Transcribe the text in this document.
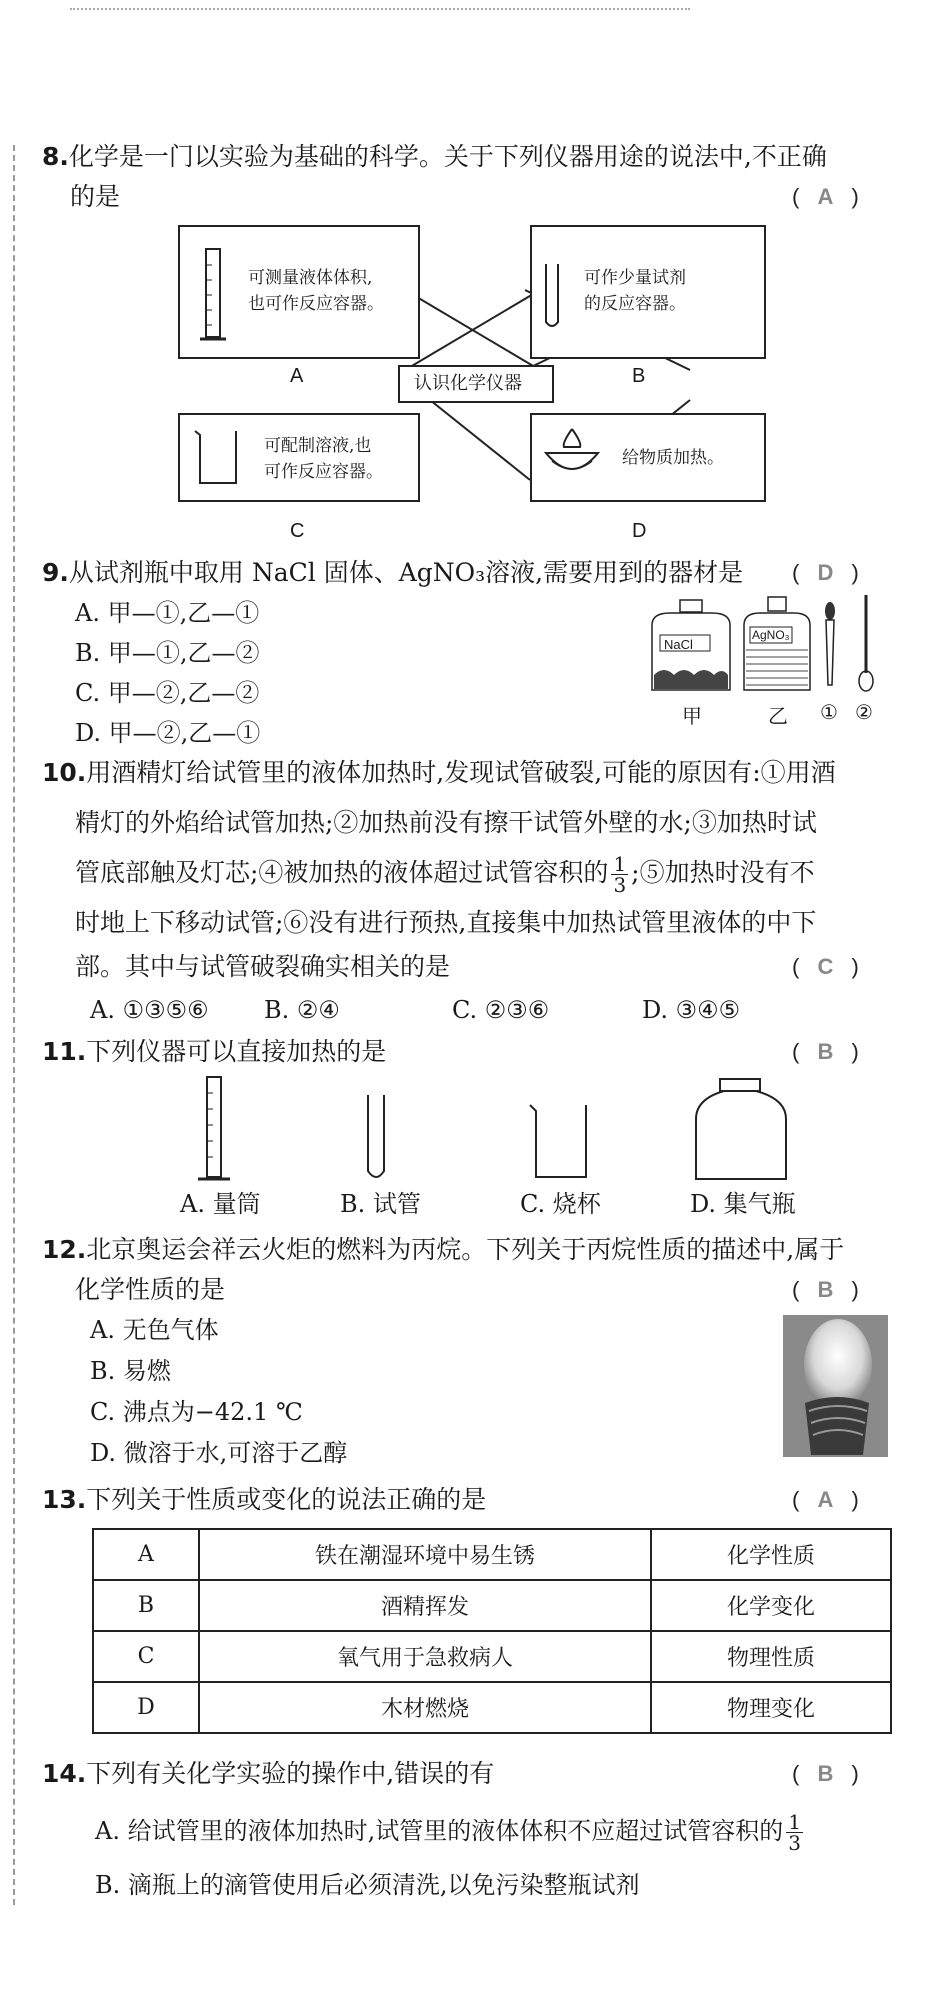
8.化学是一门以实验为基础的科学。关于下列仪器用途的说法中,不正确
的是	( A )
可测量液体体积,
也可作反应容器。
A
可作少量试剂
的反应容器。
B
认识化学仪器
可配制溶液,也
可作反应容器。
C
给物质加热。
D
9.从试剂瓶中取用 NaCl 固体、AgNO₃溶液,需要用到的器材是	( D )
A. 甲—①,乙—①
B. 甲—①,乙—②
C. 甲—②,乙—②
D. 甲—②,乙—①
NaCl
AgNO₃
甲	乙 ① ②
10.用酒精灯给试管里的液体加热时,发现试管破裂,可能的原因有:①用酒
精灯的外焰给试管加热;②加热前没有擦干试管外壁的水;③加热时试
管底部触及灯芯;④被加热的液体超过试管容积的 $\frac{1}{3}$ ;⑤加热时没有不
时地上下移动试管;⑥没有进行预热,直接集中加热试管里液体的中下
部。其中与试管破裂确实相关的是	( C )
A. ①③⑤⑥ B. ②④	C. ②③⑥	D. ③④⑤
11.下列仪器可以直接加热的是	( B )
A. 量筒	B. 试管	C. 烧杯	D. 集气瓶
12.北京奥运会祥云火炬的燃料为丙烷。下列关于丙烷性质的描述中,属于
化学性质的是	( B )
A. 无色气体
B. 易燃
C. 沸点为−42.1 ℃
D. 微溶于水,可溶于乙醇
13.下列关于性质或变化的说法正确的是	( A )
A	铁在潮湿环境中易生锈	化学性质
B	酒精挥发	化学变化
C	氧气用于急救病人	物理性质
D	木材燃烧	物理变化
14.下列有关化学实验的操作中,错误的有	( B )
A. 给试管里的液体加热时,试管里的液体体积不应超过试管容积的 $\frac{1}{3}$
B. 滴瓶上的滴管使用后必须清洗,以免污染整瓶试剂
